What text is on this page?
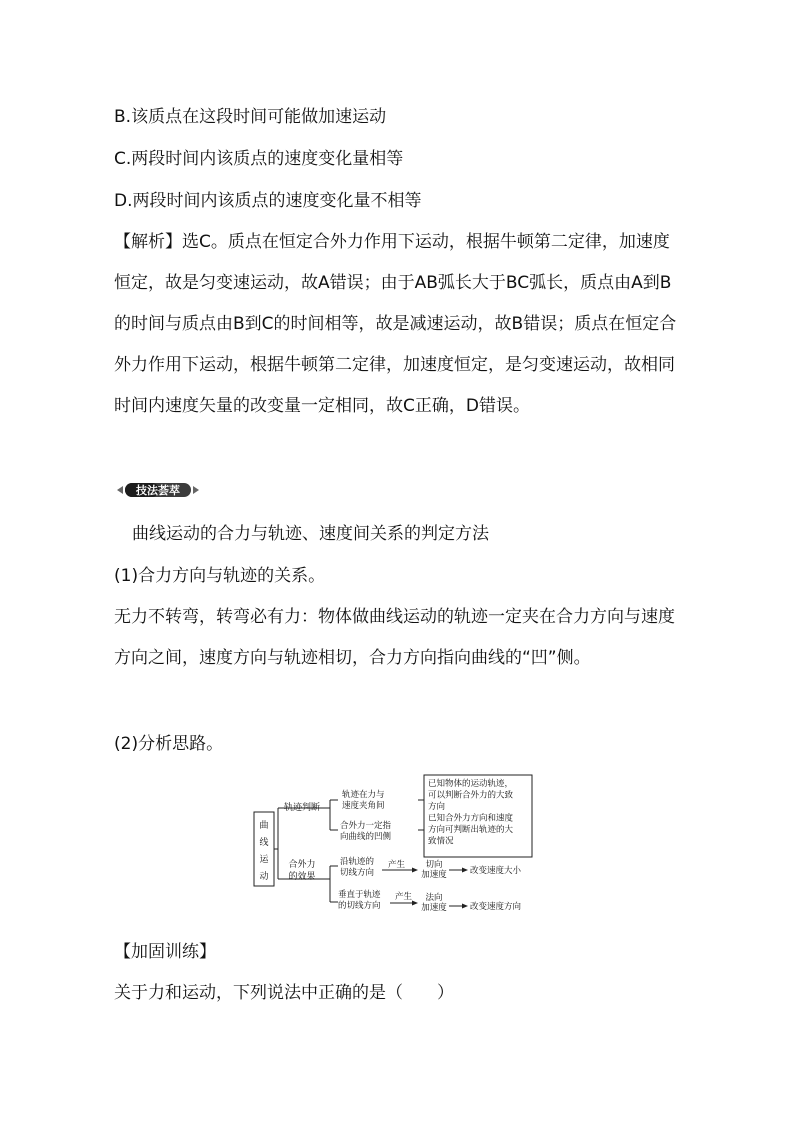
B.该质点在这段时间可能做加速运动
C.两段时间内该质点的速度变化量相等
D.两段时间内该质点的速度变化量不相等
【解析】选C。质点在恒定合外力作用下运动，根据牛顿第二定律，加速度恒定，故是匀变速运动，故A错误；由于AB弧长大于BC弧长，质点由A到B的时间与质点由B到C的时间相等，故是减速运动，故B错误；质点在恒定合外力作用下运动，根据牛顿第二定律，加速度恒定，是匀变速运动，故相同时间内速度矢量的改变量一定相同，故C正确，D错误。
技法荟萃
曲线运动的合力与轨迹、速度间关系的判定方法
(1)合力方向与轨迹的关系。
无力不转弯，转弯必有力：物体做曲线运动的轨迹一定夹在合力方向与速度方向之间，速度方向与轨迹相切，合力方向指向曲线的“凹”侧。
(2)分析思路。
曲
线
运
动
轨迹判断
轨迹在力与
速度夹角间
合外力一定指
向曲线的凹侧
已知物体的运动轨迹，
可以判断合外力的大致
方向
已知合外力方向和速度
方向可判断出轨迹的大
致情况
合外力
的效果
沿轨迹的
切线方向
垂直于轨迹
的切线方向
产生
产生
切向
加速度
法向
加速度
改变速度大小
改变速度方向
【加固训练】
关于力和运动，下列说法中正确的是（　　）
